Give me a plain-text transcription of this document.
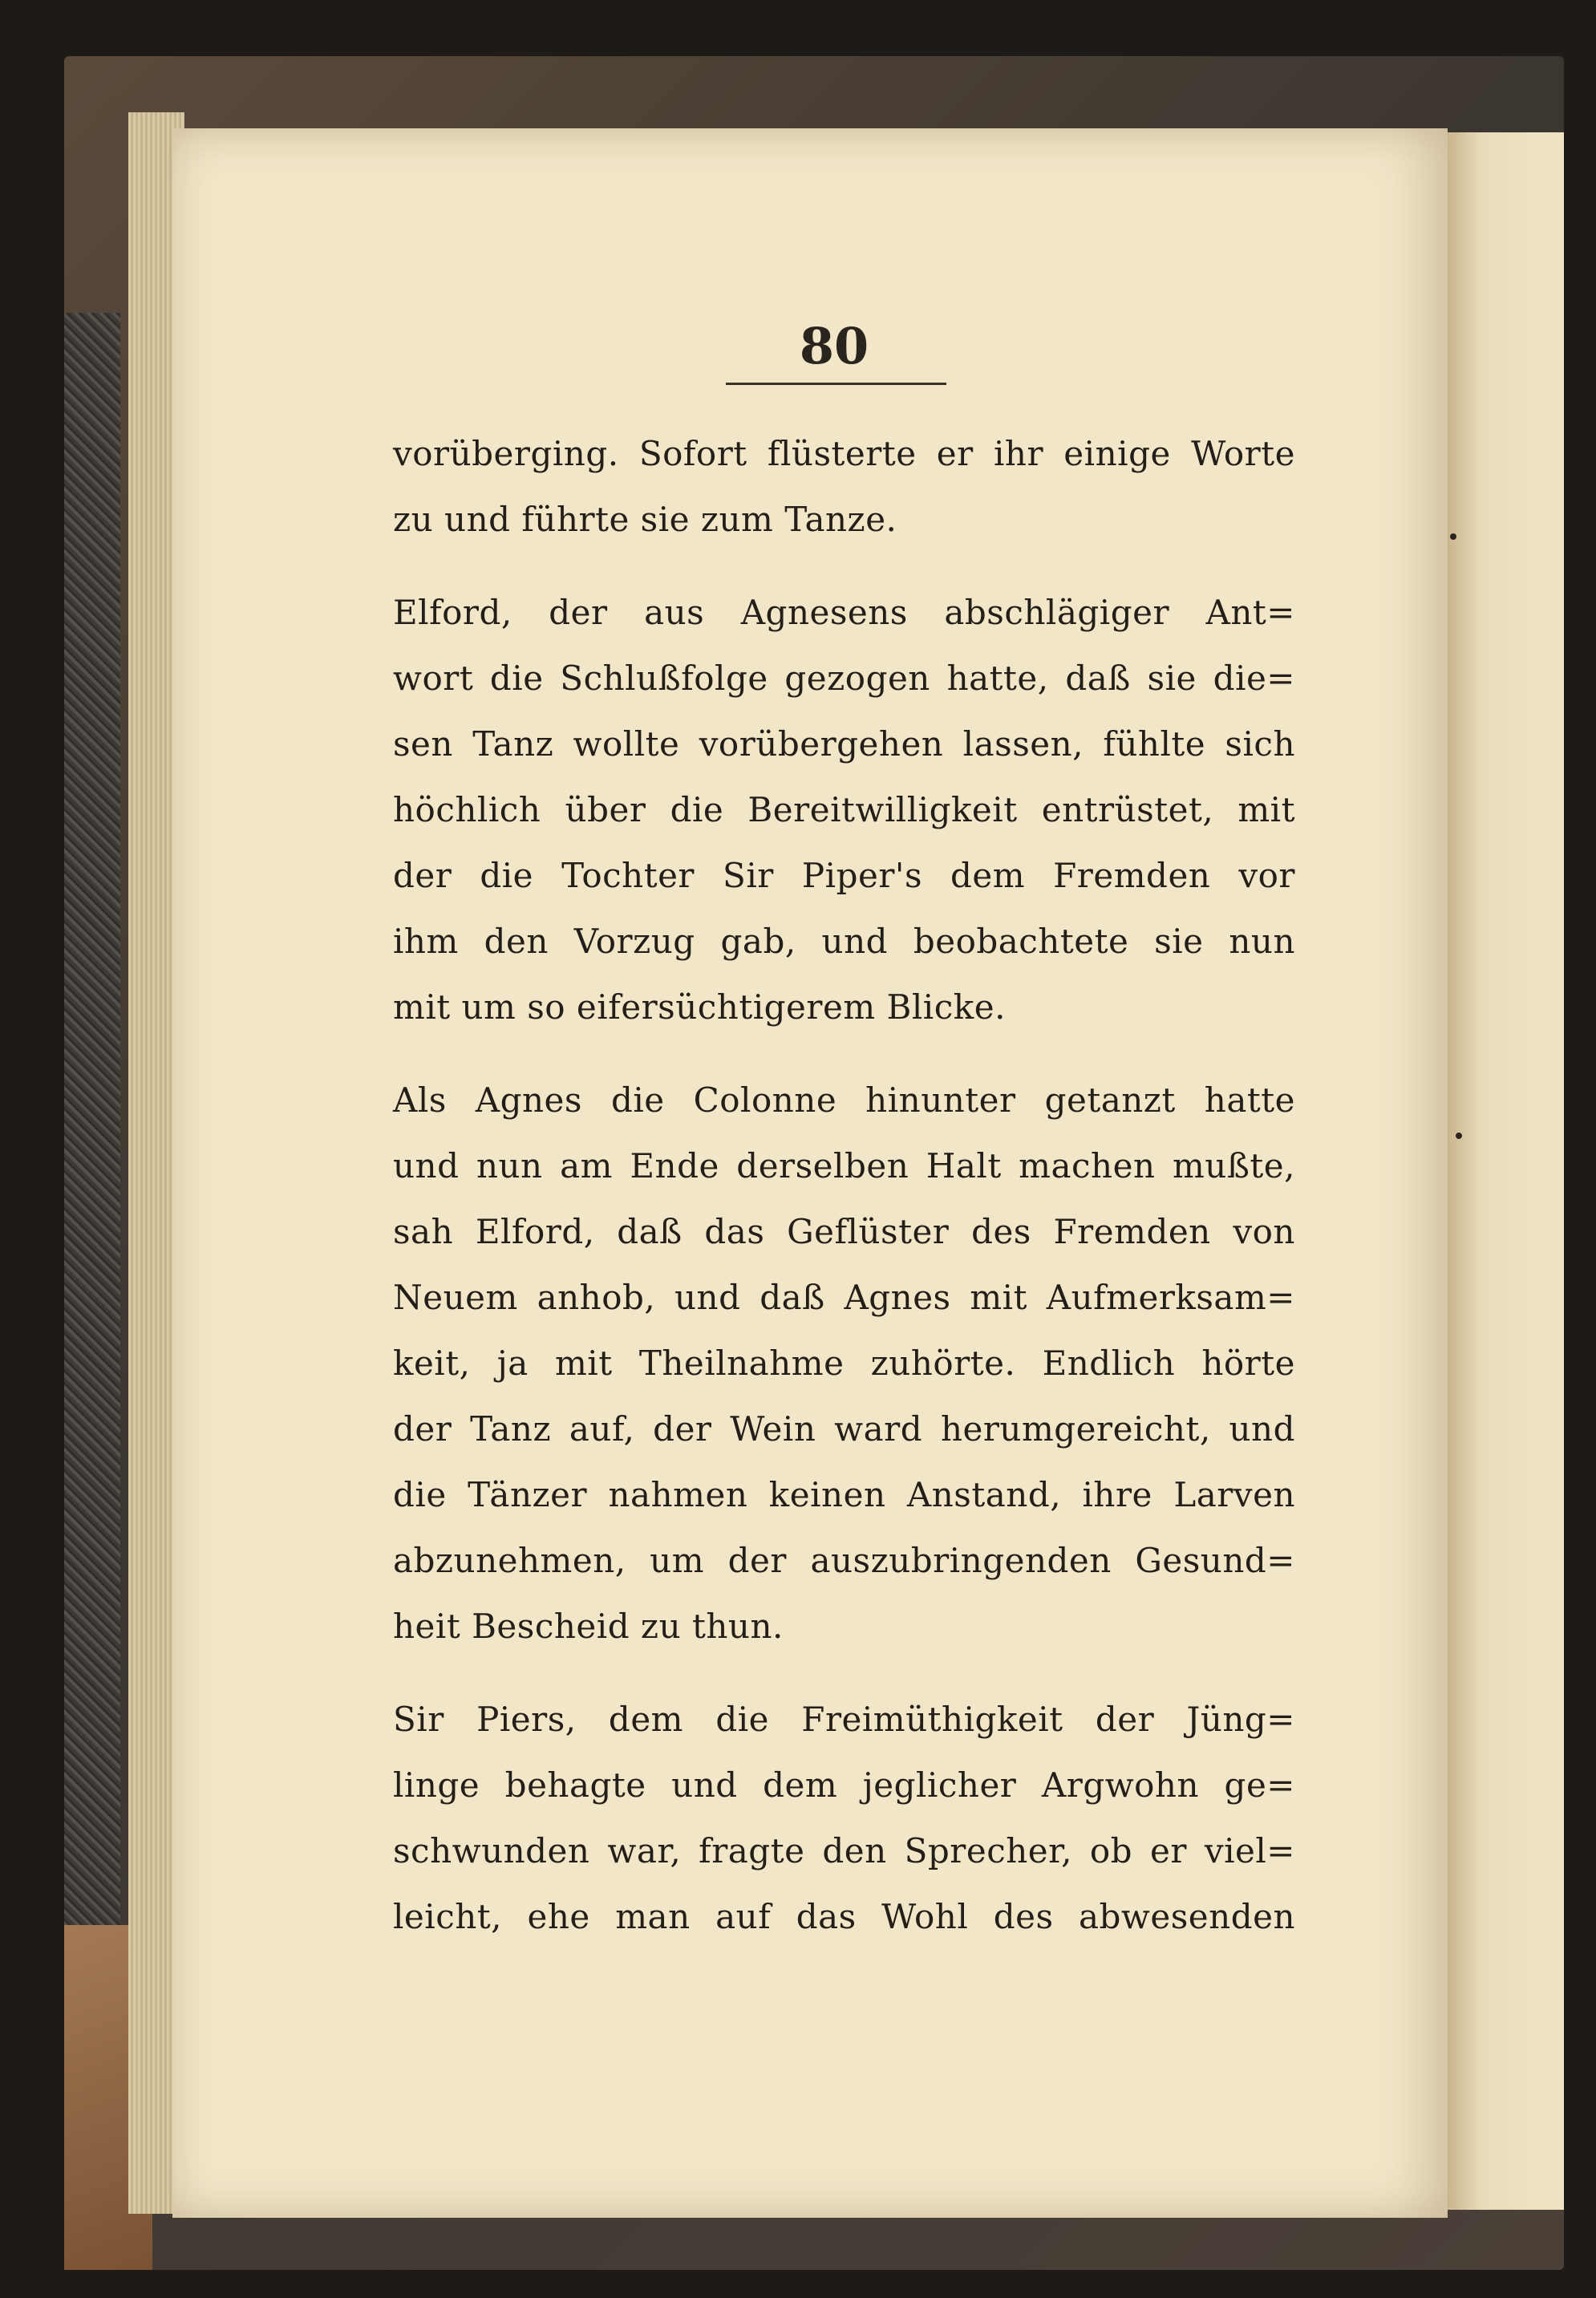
80
vorüberging. Sofort flüsterte er ihr einige Worte
zu und führte sie zum Tanze.
Elford, der aus Agnesens abschlägiger Ant=
wort die Schlußfolge gezogen hatte, daß sie die=
sen Tanz wollte vorübergehen lassen, fühlte sich
höchlich über die Bereitwilligkeit entrüstet, mit
der die Tochter Sir Piper's dem Fremden vor
ihm den Vorzug gab, und beobachtete sie nun
mit um so eifersüchtigerem Blicke.
Als Agnes die Colonne hinunter getanzt hatte
und nun am Ende derselben Halt machen mußte,
sah Elford, daß das Geflüster des Fremden von
Neuem anhob, und daß Agnes mit Aufmerksam=
keit, ja mit Theilnahme zuhörte. Endlich hörte
der Tanz auf, der Wein ward herumgereicht, und
die Tänzer nahmen keinen Anstand, ihre Larven
abzunehmen, um der auszubringenden Gesund=
heit Bescheid zu thun.
Sir Piers, dem die Freimüthigkeit der Jüng=
linge behagte und dem jeglicher Argwohn ge=
schwunden war, fragte den Sprecher, ob er viel=
leicht, ehe man auf das Wohl des abwesenden
